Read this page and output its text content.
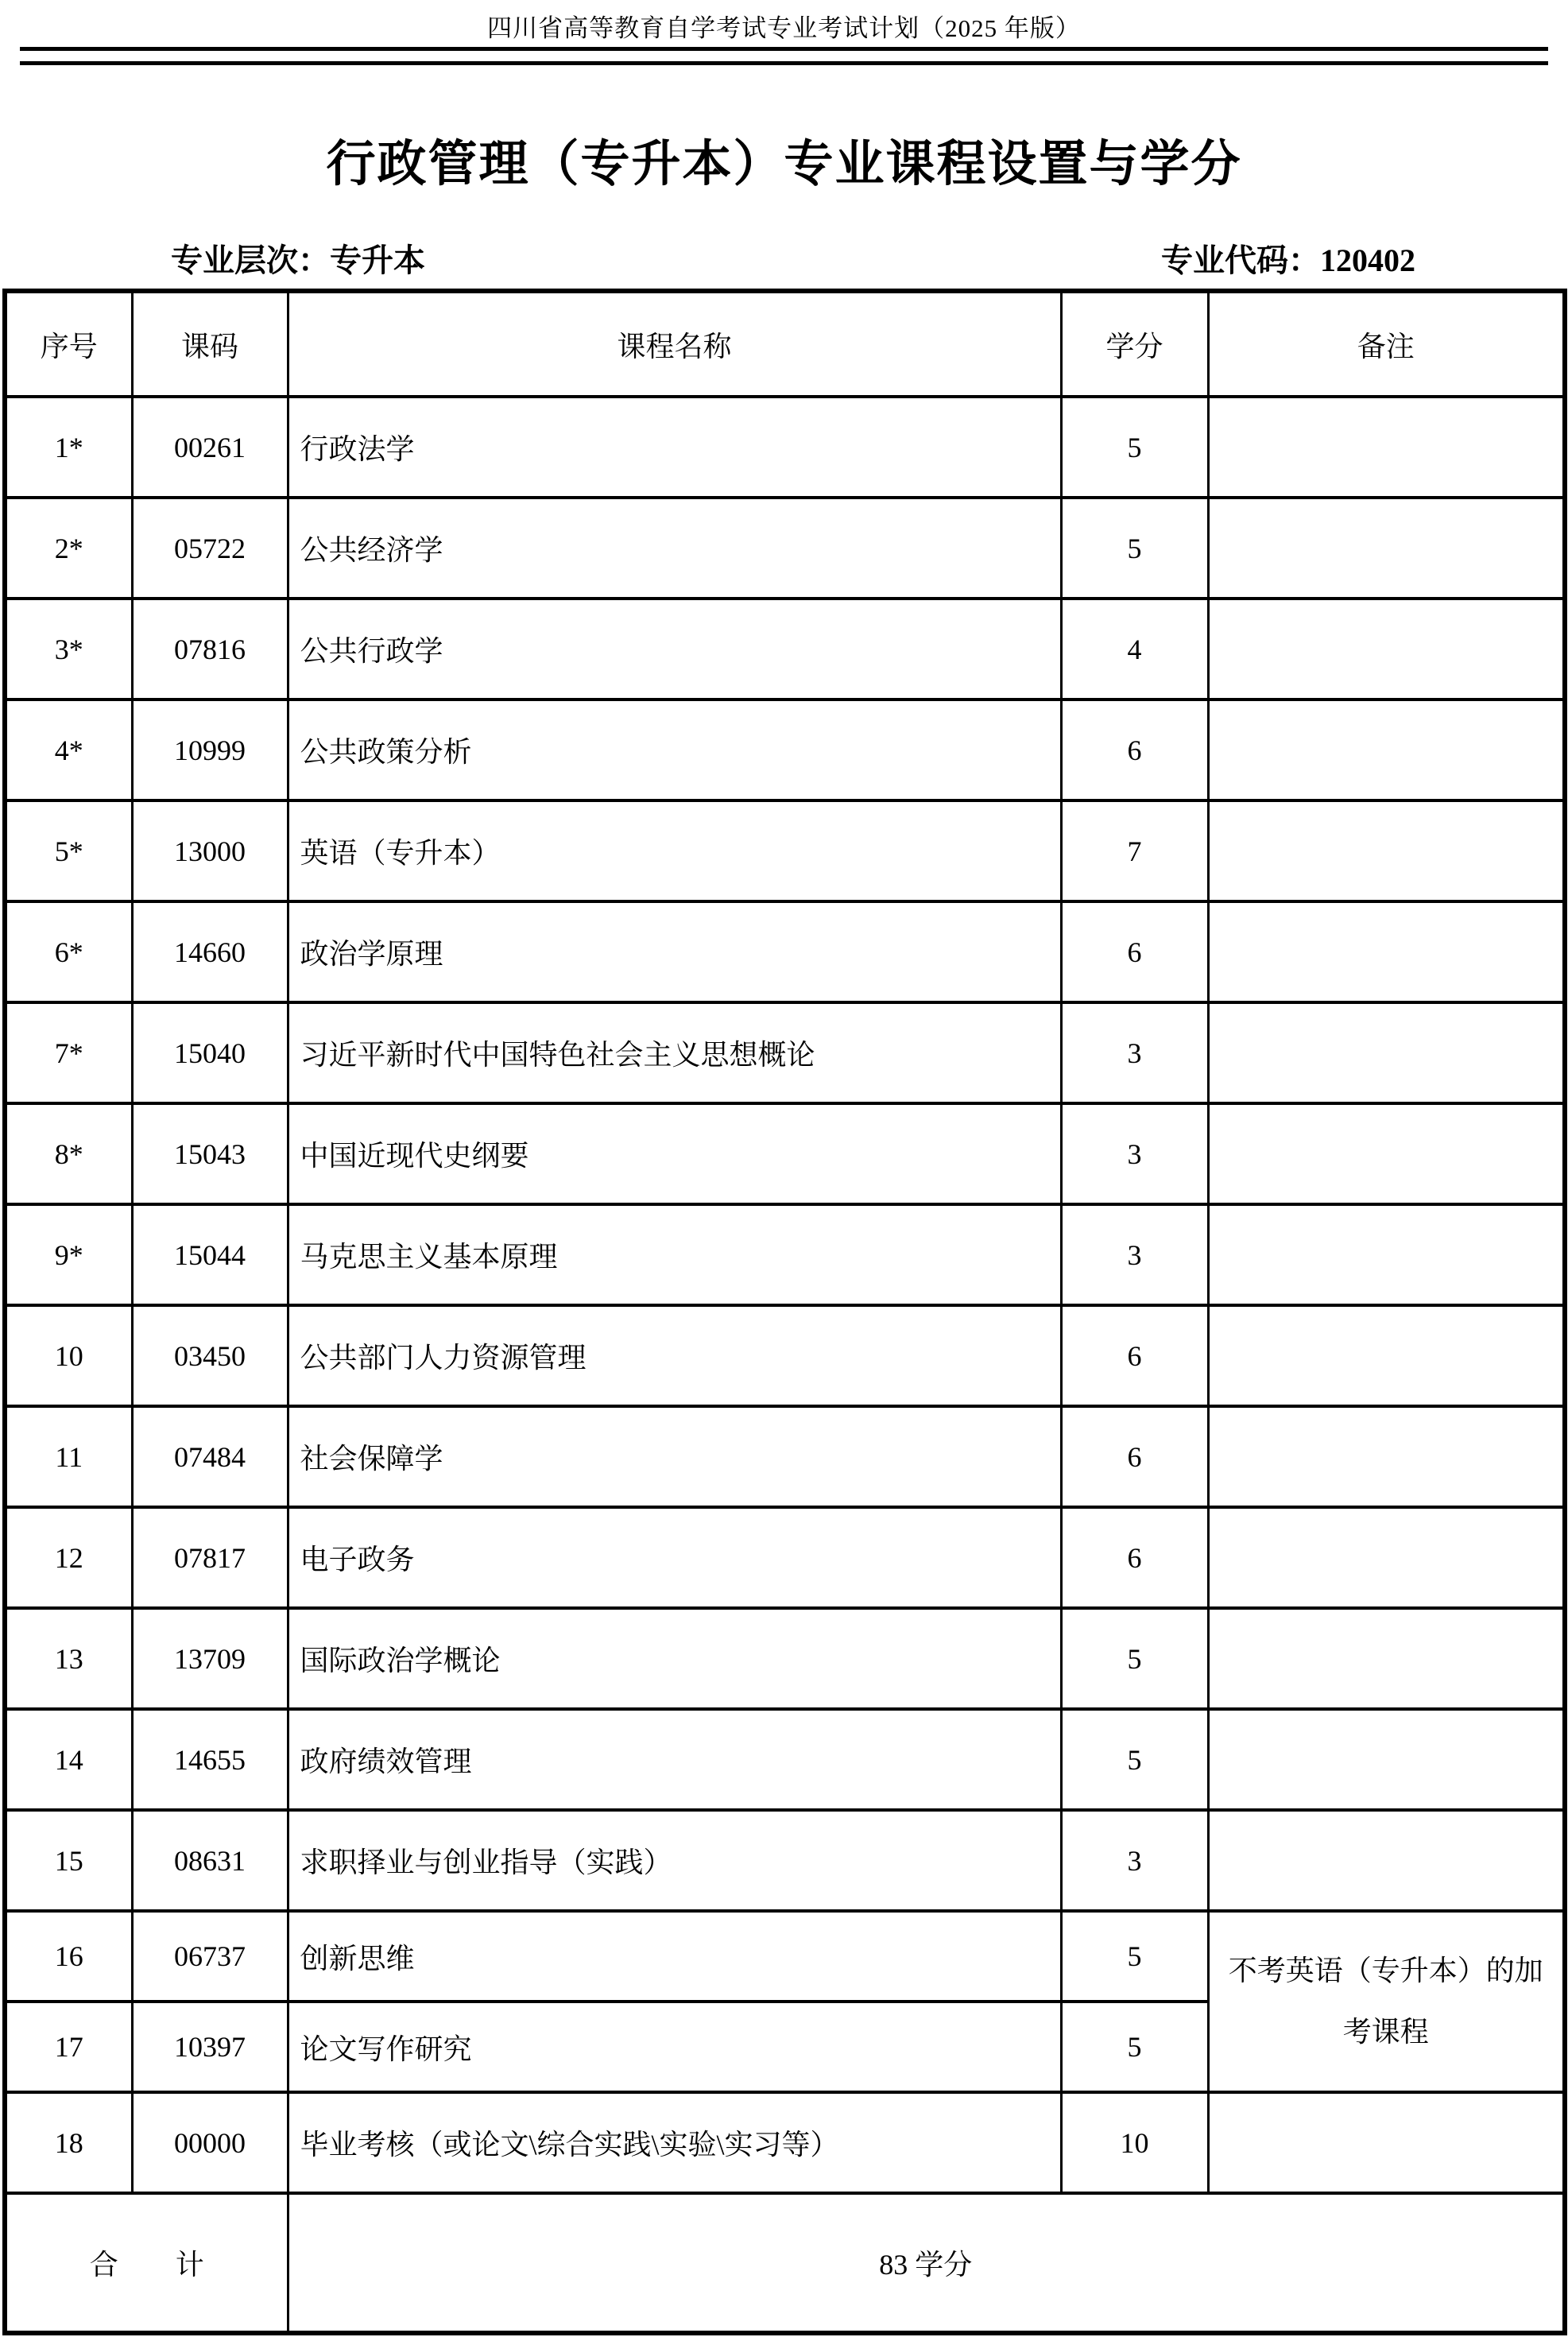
四川省高等教育自学考试专业考试计划（2025 年版）
行政管理（专升本）专业课程设置与学分
专业层次：专升本	专业代码：120402
序号	课码	课程名称	学分	备注
1*	00261	行政法学	5	
2*	05722	公共经济学	5	
3*	07816	公共行政学	4	
4*	10999	公共政策分析	6	
5*	13000	英语（专升本）	7	
6*	14660	政治学原理	6	
7*	15040	习近平新时代中国特色社会主义思想概论	3	
8*	15043	中国近现代史纲要	3	
9*	15044	马克思主义基本原理	3	
10	03450	公共部门人力资源管理	6	
11	07484	社会保障学	6	
12	07817	电子政务	6	
13	13709	国际政治学概论	5	
14	14655	政府绩效管理	5	
15	08631	求职择业与创业指导（实践）	3	
16	06737	创新思维	5	不考英语（专升本）的加考课程
17	10397	论文写作研究	5	
18	00000	毕业考核（或论文\综合实践\实验\实习等）	10	
合　　计		83 学分		
